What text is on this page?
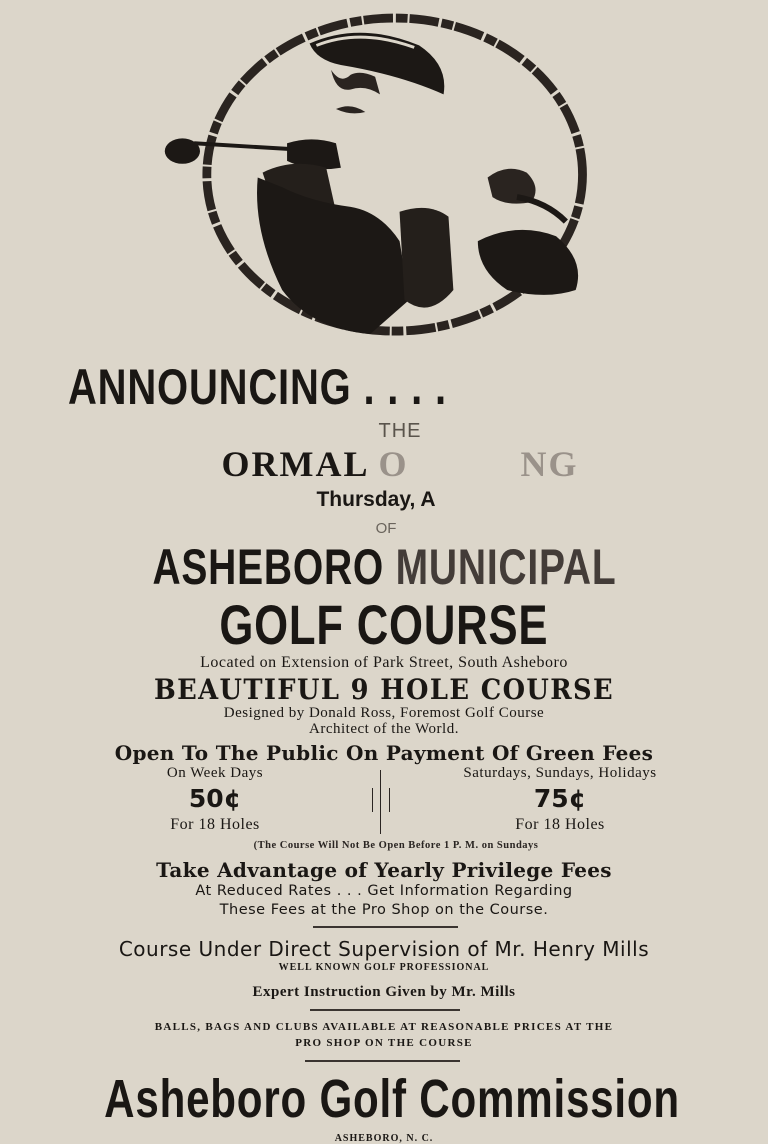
ANNOUNCING . . . .
THE
ORMAL O	NG
Thursday, A
OF
ASHEBORO MUNICIPAL
GOLF COURSE
Located on Extension of Park Street, South Asheboro
BEAUTIFUL 9 HOLE COURSE
Designed by Donald Ross, Foremost Golf Course
Architect of the World.
Open To The Public On Payment Of Green Fees
On Week Days
50¢
For 18 Holes
Saturdays, Sundays, Holidays
75¢
For 18 Holes
(The Course Will Not Be Open Before 1 P. M. on Sundays
Take Advantage of Yearly Privilege Fees
At Reduced Rates . . . Get Information Regarding
These Fees at the Pro Shop on the Course.
Course Under Direct Supervision of Mr. Henry Mills
WELL KNOWN GOLF PROFESSIONAL
Expert Instruction Given by Mr. Mills
BALLS, BAGS AND CLUBS AVAILABLE AT REASONABLE PRICES AT THE
PRO SHOP ON THE COURSE
Asheboro Golf Commission
ASHEBORO, N. C.
